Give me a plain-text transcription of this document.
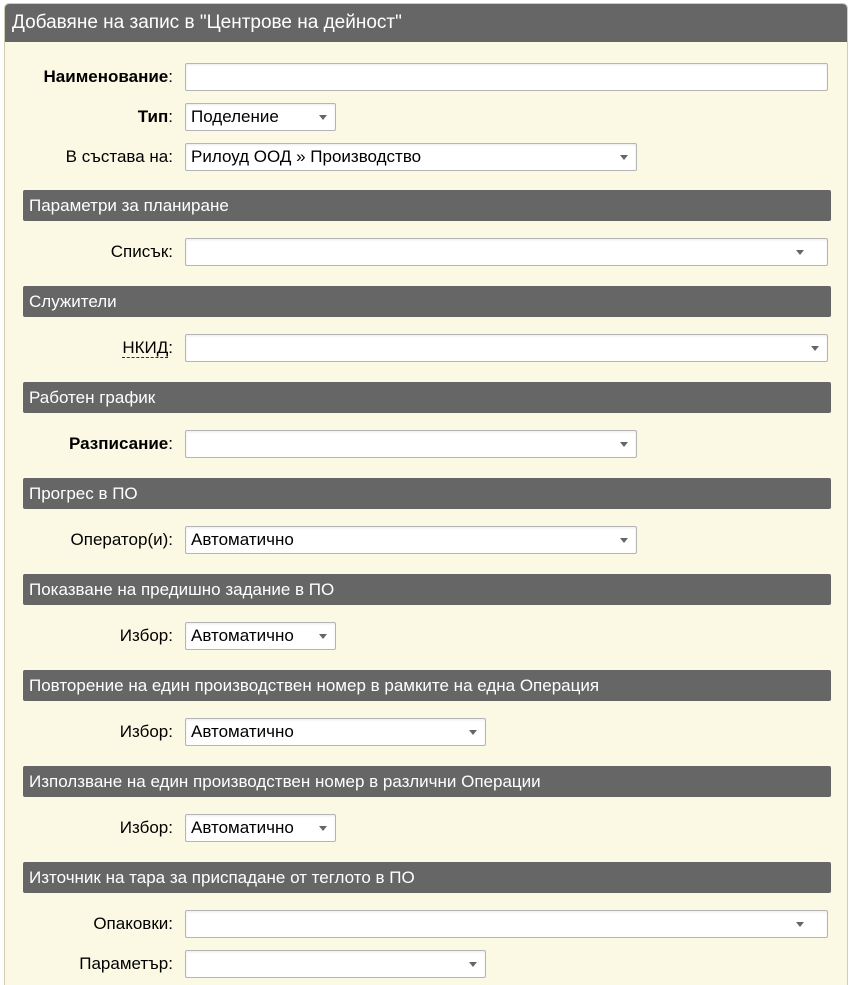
Добавяне на запис в "Центрове на дейност"
Наименование:
Тип: Поделение
В състава на: Рилоуд ООД » Производство
Параметри за планиране
Списък:
Служители
НКИД:
Работен график
Разписание:
Прогрес в ПО
Оператор(и): Автоматично
Показване на предишно задание в ПО
Избор: Автоматично
Повторение на един производствен номер в рамките на една Операция
Избор: Автоматично
Използване на един производствен номер в различни Операции
Избор: Автоматично
Източник на тара за приспадане от теглото в ПО
Опаковки:
Параметър:
